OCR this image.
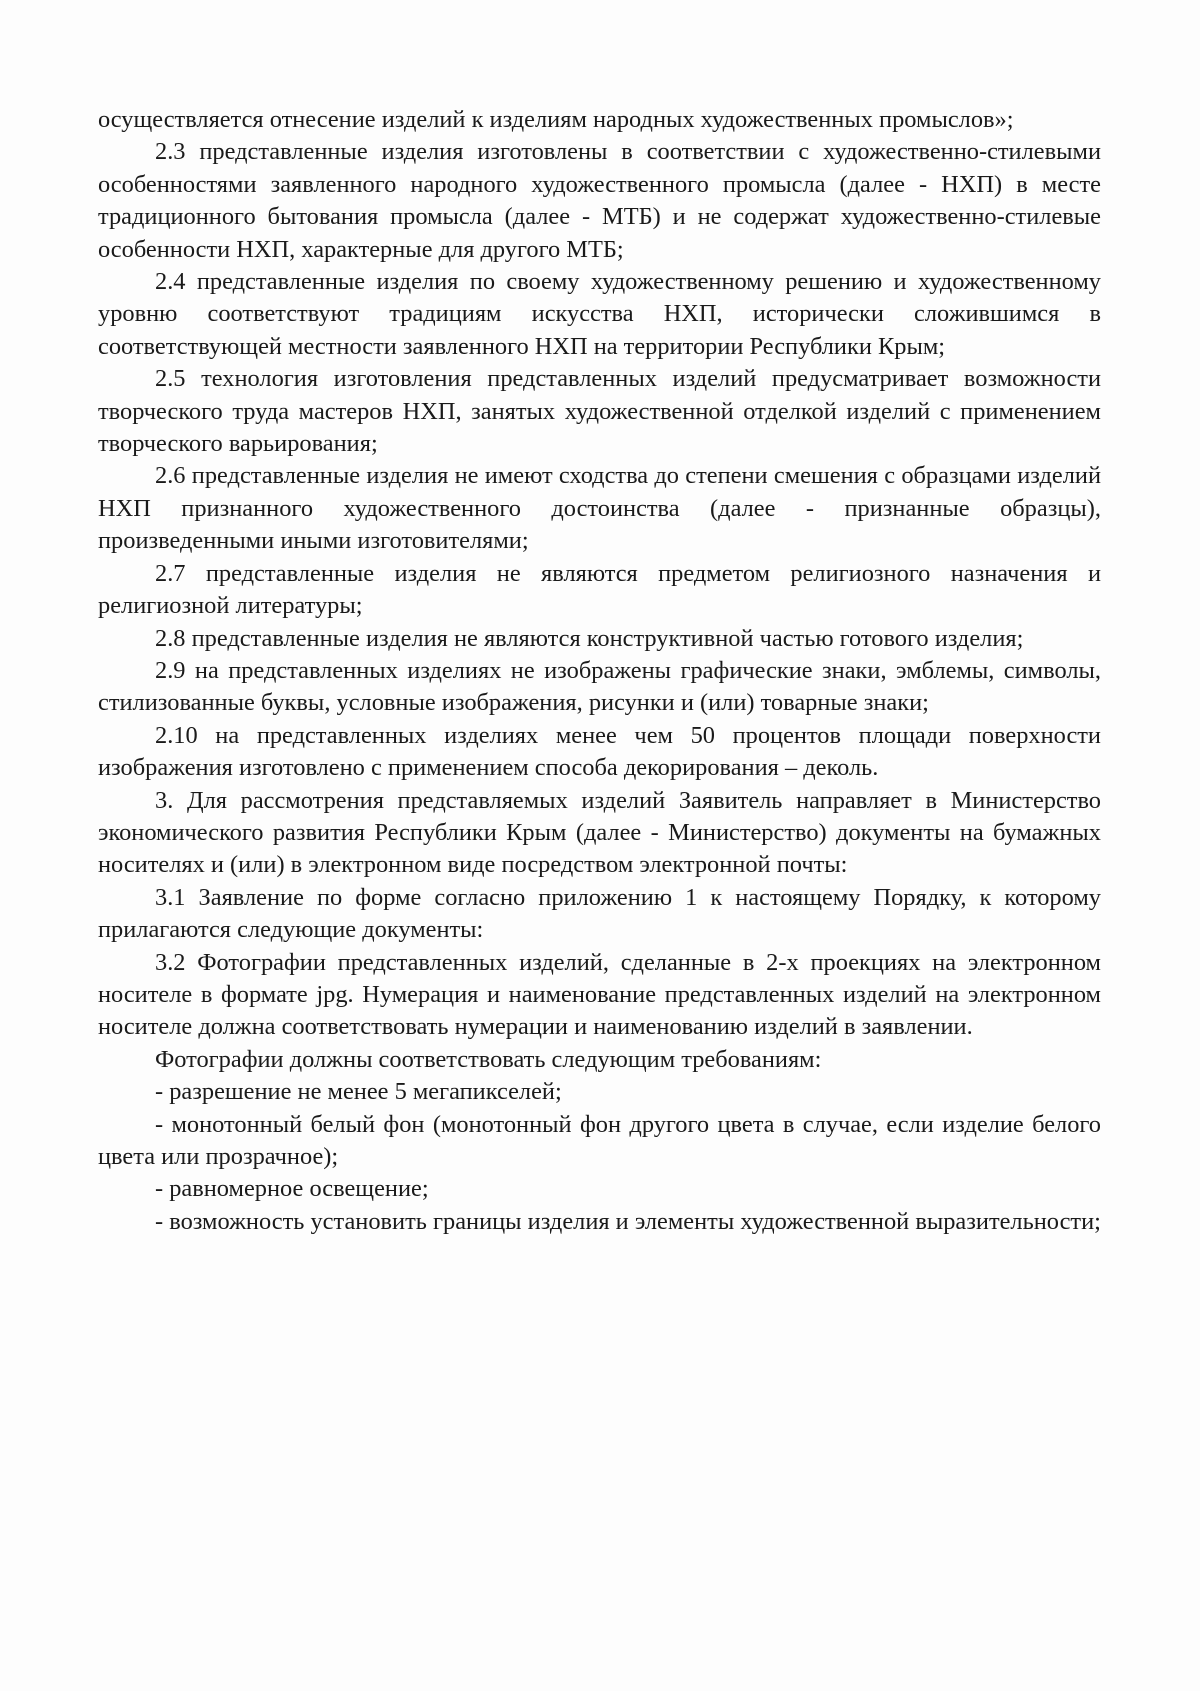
осуществляется отнесение изделий к изделиям народных художественных промыслов»;

2.3 представленные изделия изготовлены в соответствии с художественно-стилевыми особенностями заявленного народного художественного промысла (далее - НХП) в месте традиционного бытования промысла (далее - МТБ) и не содержат художественно-стилевые особенности НХП, характерные для другого МТБ;

2.4 представленные изделия по своему художественному решению и художественному уровню соответствуют традициям искусства НХП, исторически сложившимся в соответствующей местности заявленного НХП на территории Республики Крым;

2.5 технология изготовления представленных изделий предусматривает возможности творческого труда мастеров НХП, занятых художественной отделкой изделий с применением творческого варьирования;

2.6 представленные изделия не имеют сходства до степени смешения с образцами изделий НХП признанного художественного достоинства (далее - признанные образцы), произведенными иными изготовителями;

2.7 представленные изделия не являются предметом религиозного назначения и религиозной литературы;

2.8 представленные изделия не являются конструктивной частью готового изделия;

2.9 на представленных изделиях не изображены графические знаки, эмблемы, символы, стилизованные буквы, условные изображения, рисунки и (или) товарные знаки;

2.10 на представленных изделиях менее чем 50 процентов площади поверхности изображения изготовлено с применением способа декорирования – деколь.

3. Для рассмотрения представляемых изделий Заявитель направляет в Министерство экономического развития Республики Крым (далее - Министерство) документы на бумажных носителях и (или) в электронном виде посредством электронной почты:

3.1 Заявление по форме согласно приложению 1 к настоящему Порядку, к которому прилагаются следующие документы:

3.2 Фотографии представленных изделий, сделанные в 2-х проекциях на электронном носителе в формате jpg. Нумерация и наименование представленных изделий на электронном носителе должна соответствовать нумерации и наименованию изделий в заявлении.

Фотографии должны соответствовать следующим требованиям:

- разрешение не менее 5 мегапикселей;

- монотонный белый фон (монотонный фон другого цвета в случае, если изделие белого цвета или прозрачное);

- равномерное освещение;

- возможность установить границы изделия и элементы художественной выразительности;
